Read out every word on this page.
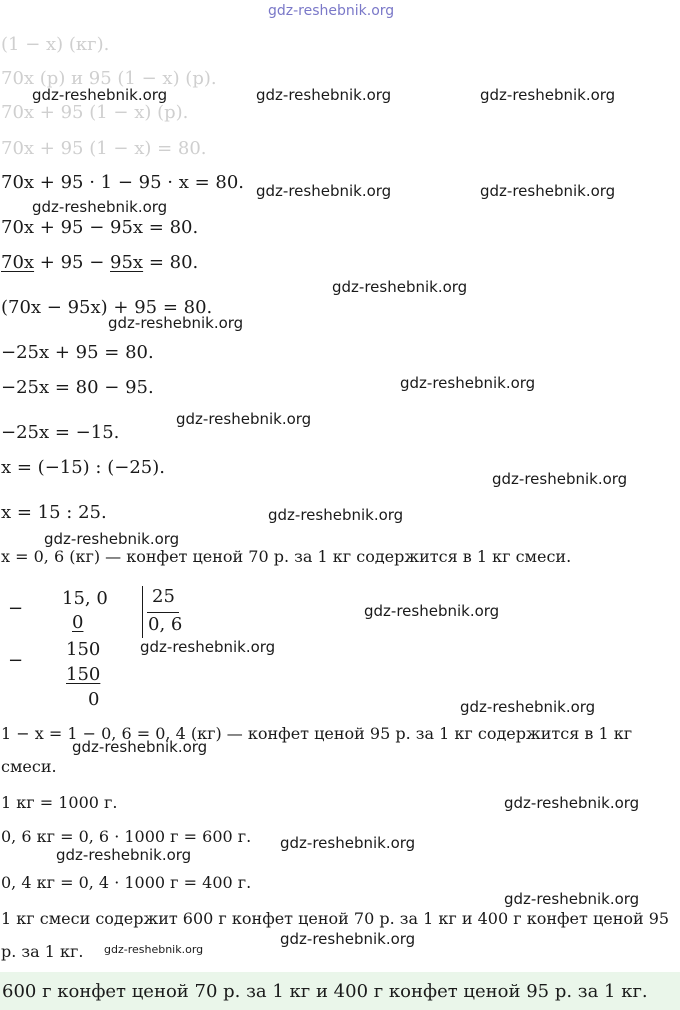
gdz-reshebnik.org
(1 − x) (кг).
70x (р) и 95 (1 − x) (р).
70x + 95 (1 − x) (р).
70x + 95 (1 − x) = 80.
70x + 95 · 1 − 95 · x = 80.
70x + 95 − 95x = 80.
70x + 95 − 95x = 80.
(70x − 95x) + 95 = 80.
−25x + 95 = 80.
−25x = 80 − 95.
−25x = −15.
x = (−15) : (−25).
x = 15 : 25.
x = 0, 6 (кг) — конфет ценой 70 р. за 1 кг содержится в 1 кг смеси.
− 15, 0
0
−
150
150
0
25
0, 6
1 − x = 1 − 0, 6 = 0, 4 (кг) — конфет ценой 95 р. за 1 кг содержится в 1 кг смеси.
1 кг = 1000 г.
0, 6 кг = 0, 6 · 1000 г = 600 г.
0, 4 кг = 0, 4 · 1000 г = 400 г.
1 кг смеси содержит 600 г конфет ценой 70 р. за 1 кг и 400 г конфет ценой 95 р. за 1 кг.
600 г конфет ценой 70 р. за 1 кг и 400 г конфет ценой 95 р. за 1 кг.
gdz-reshebnik.org	gdz-reshebnik.org	gdz-reshebnik.org
gdz-reshebnik.org	gdz-reshebnik.org
gdz-reshebnik.org
gdz-reshebnik.org
gdz-reshebnik.org
gdz-reshebnik.org
gdz-reshebnik.org
gdz-reshebnik.org
gdz-reshebnik.org
gdz-reshebnik.org
gdz-reshebnik.org
gdz-reshebnik.org
gdz-reshebnik.org
gdz-reshebnik.org
gdz-reshebnik.org
gdz-reshebnik.org
gdz-reshebnik.org
gdz-reshebnik.org
gdz-reshebnik.org
gdz-reshebnik.org
